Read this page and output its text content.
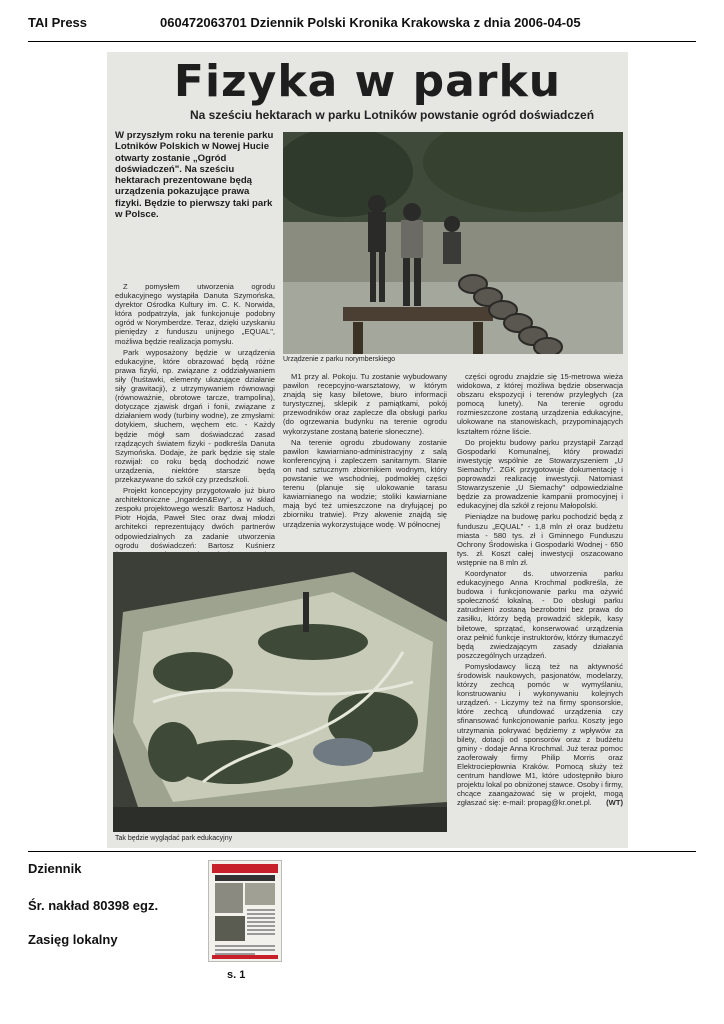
TAI Press	060472063701 Dziennik Polski Kronika Krakowska z dnia 2006-04-05
Fizyka w parku
Na sześciu hektarach w parku Lotników powstanie ogród doświadczeń
W przyszłym roku na terenie parku Lotników Polskich w Nowej Hucie otwarty zostanie „Ogród doświadczeń". Na sześciu hektarach prezentowane będą urządzenia pokazujące prawa fizyki. Będzie to pierwszy taki park w Polsce.
Urządzenie z parku norymberskiego

Z pomysłem utworzenia ogrodu edukacyjnego wystąpiła Danuta Szymońska, dyrektor Ośrodka Kultury im. C. K. Norwida, która podpatrzyła, jak funkcjonuje podobny ogród w Norymberdze. Teraz, dzięki uzyskaniu pieniędzy z funduszu unijnego „EQUAL", możliwa będzie realizacja pomysłu.

Park wyposażony będzie w urządzenia edukacyjne, które obrazować będą różne prawa fizyki, np. związane z oddziaływaniem siły (huśtawki, elementy ukazujące działanie siły grawitacji), z utrzymywaniem równowagi (równoważnie, obrotowe tarcze, trampolina), dotyczące zjawisk drgań i fonii, związane z działaniem wody (turbiny wodne), ze zmysłami: dotykiem, słuchem, węchem etc. - Każdy będzie mógł sam doświadczać zasad rządzących światem fizyki - podkreśla Danuta Szymońska. Dodaje, że park będzie się stale rozwijał: co roku będą dochodzić nowe urządzenia, niektóre starsze będą przekazywane do szkół czy przedszkoli.

Projekt koncepcyjny przygotowało już biuro architektoniczne „Ingarden&Ewy", a w skład zespołu projektowego weszli: Bartosz Haduch, Piotr Hojda, Paweł Stec oraz dwaj młodzi architekci reprezentujący dwóch partnerów odpowiedzialnych za zadanie utworzenia ogrodu doświadczeń: Bartosz Kuśnierz

M1 przy al. Pokoju. Tu zostanie wybudowany pawilon recepcyjno-warsztatowy, w którym znajdą się kasy biletowe, biuro informacji turystycznej, sklepik z pamiątkami, pokój przewodników oraz zaplecze dla obsługi parku (do ogrzewania budynku na terenie ogrodu wykorzystane zostaną baterie słoneczne).

Na terenie ogrodu zbudowany zostanie pawilon kawiarniano-administracyjny z salą konferencyjną i zapleczem sanitarnym. Stanie on nad sztucznym zbiornikiem wodnym, który powstanie we wschodniej, podmokłej części terenu (planuje się ulokowanie tarasu kawiarnianego na wodzie; stoliki kawiarniane mają być też umieszczone na dryfującej po zbiorniku tratwie). Przy akwenie znajdą się urządzenia wykorzystujące wodę. W północnej

części ogrodu znajdzie się 15-metrowa wieża widokowa, z której możliwa będzie obserwacja obszaru ekspozycji i terenów przyległych (za pomocą lunety). Na terenie ogrodu rozmieszczone zostaną urządzenia edukacyjne, ulokowane na stanowiskach, przypominających kształtem różne liście.

Do projektu budowy parku przystąpił Zarząd Gospodarki Komunalnej, który prowadzi inwestycję wspólnie ze Stowarzyszeniem „U Siemachy". ZGK przygotowuje dokumentację i poprowadzi realizację inwestycji. Natomiast Stowarzyszenie „U Siemachy" odpowiedzialne będzie za prowadzenie kampanii promocyjnej i edukacyjnej dla szkół z rejonu Małopolski.

Pieniądze na budowę parku pochodzić będą z funduszu „EQUAL" - 1,8 mln zł oraz budżetu miasta - 580 tys. zł i Gminnego Funduszu Ochrony Środowiska i Gospodarki Wodnej - 650 tys. zł. Koszt całej inwestycji oszacowano wstępnie na 8 mln zł.

Koordynator ds. utworzenia parku edukacyjnego Anna Krochmal podkreśla, że budowa i funkcjonowanie parku ma ożywić społeczność lokalną. - Do obsługi parku zatrudnieni zostaną bezrobotni bez prawa do zasiłku, którzy będą prowadzić sklepik, kasy biletowe, sprzątać, konserwować urządzenia oraz pełnić funkcje instruktorów, którzy tłumaczyć będą zwiedzającym zasady działania poszczególnych urządzeń.

Pomysłodawcy liczą też na aktywność środowisk naukowych, pasjonatów, modelarzy, którzy zechcą pomóc w wymyślaniu, konstruowaniu i wykonywaniu kolejnych urządzeń. - Liczymy też na firmy sponsorskie, które zechcą ufundować urządzenia czy sfinansować funkcjonowanie parku. Koszty jego utrzymania pokrywać będziemy z wpływów za bilety, dotacji od sponsorów oraz z budżetu gminy - dodaje Anna Krochmal. Już teraz pomoc zaoferowały firmy Philip Morris oraz Elektrociepłownia Kraków. Pomocą służy też centrum handlowe M1, które udostępniło biuro projektu lokal po obniżonej stawce. Osoby i firmy, chcące zaangażować się w projekt, mogą zgłaszać się: e-mail: propag@kr.onet.pl.	(WT)

Tak będzie wyglądać park edukacyjny
Dziennik
Śr. nakład 80398 egz.
Zasięg lokalny
s. 1
